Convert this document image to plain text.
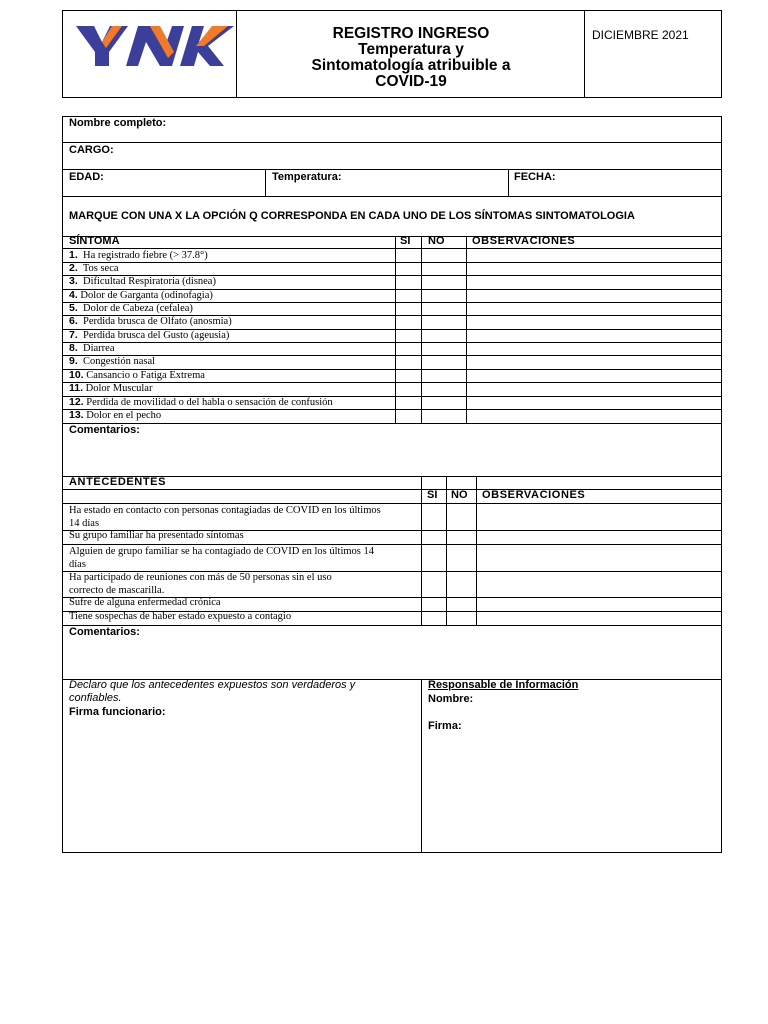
REGISTRO INGRESO
Temperatura y
Sintomatología atribuible a
COVID-19
DICIEMBRE 2021
Nombre completo:
CARGO:
EDAD:	Temperatura:	FECHA:
MARQUE CON UNA X LA OPCIÓN Q CORRESPONDA EN CADA UNO DE LOS SÍNTOMAS SINTOMATOLOGIA
SÍNTOMA	SI NO	OBSERVACIONES
1. Ha registrado fiebre (> 37.8°)
2. Tos seca
3. Dificultad Respiratoria (disnea)
4. Dolor de Garganta (odinofagia)
5. Dolor de Cabeza (cefalea)
6. Perdida brusca de Olfato (anosmia)
7. Perdida brusca del Gusto (ageusia)
8. Diarrea
9. Congestión nasal
10. Cansancio o Fatiga Extrema
11. Dolor Muscular
12. Perdida de movilidad o del habla o sensación de confusión
13. Dolor en el pecho
Comentarios:
ANTECEDENTES
SI NO OBSERVACIONES
Ha estado en contacto con personas contagiadas de COVID en los últimos
14 días
Su grupo familiar ha presentado síntomas
Alguien de grupo familiar se ha contagiado de COVID en los últimos 14
días
Ha participado de reuniones con más de 50 personas sin el uso
correcto de mascarilla.
Sufre de alguna enfermedad crónica
Tiene sospechas de haber estado expuesto a contagio
Comentarios:
Declaro que los antecedentes expuestos son verdaderos y
confiables.
Firma funcionario:
Responsable de Información
Nombre:
Firma:
